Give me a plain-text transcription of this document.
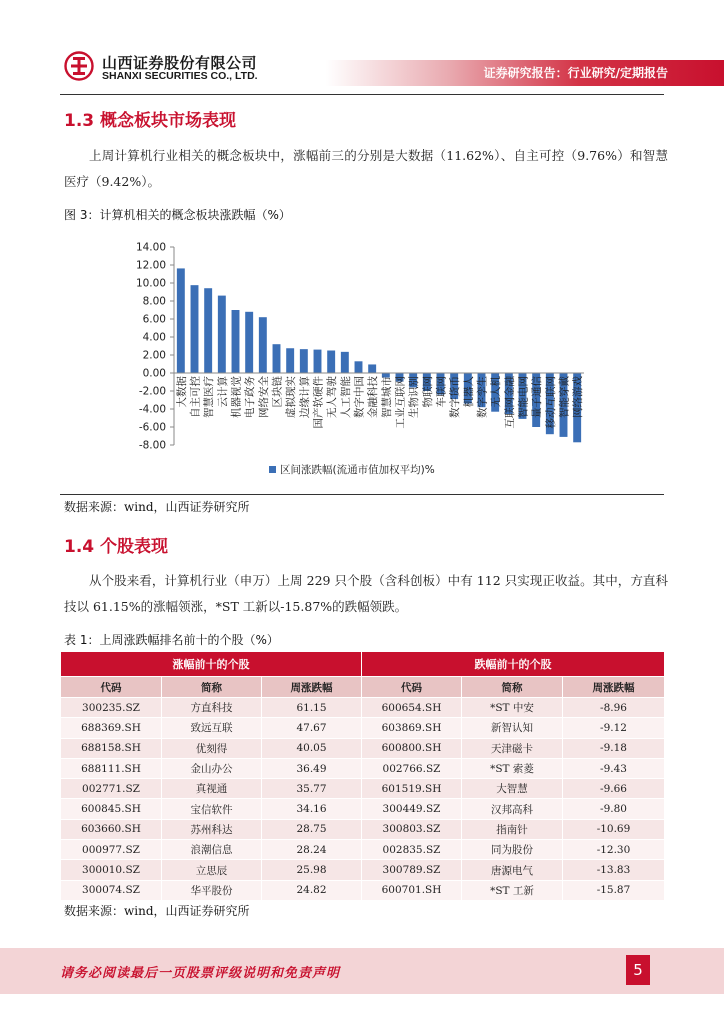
山西证券股份有限公司
SHANXI SECURITIES CO., LTD.	证券研究报告：行业研究/定期报告
1.3 概念板块市场表现

上周计算机行业相关的概念板块中，涨幅前三的分别是大数据（11.62%）、自主可控（9.76%）和智慧医疗（9.42%）。

图 3：计算机相关的概念板块涨跌幅（%）
14.00
12.00
10.00
8.00
6.00
4.00
2.00
0.00
-2.00
-4.00
-6.00
-8.00
大数据 自主可控 智慧医疗 云计算 机器视觉 电子政务 网络安全 区块链 虚拟现实 边缘计算 国产软硬件 无人驾驶 人工智能 数字中国 金融科技 智慧城市 工业互联网 生物识别 物联网 车联网 数字货币 机器人 数字孪生 无人机 互联网金融 智能电网 量子通信 移动互联网 智能穿戴 网络游戏
区间涨跌幅(流通市值加权平均)%
数据来源：wind，山西证券研究所
1.4 个股表现

从个股来看，计算机行业（申万）上周 229 只个股（含科创板）中有 112 只实现正收益。其中，方直科技以 61.15%的涨幅领涨，*ST 工新以-15.87%的跌幅领跌。

表 1：上周涨跌幅排名前十的个股（%）
涨幅前十的个股			跌幅前十的个股		
代码	简称	周涨跌幅	代码	简称	周涨跌幅
300235.SZ	方直科技	61.15	600654.SH	*ST 中安	-8.96
688369.SH	致远互联	47.67	603869.SH	新智认知	-9.12
688158.SH	优刻得	40.05	600800.SH	天津磁卡	-9.18
688111.SH	金山办公	36.49	002766.SZ	*ST 索菱	-9.43
002771.SZ	真视通	35.77	601519.SH	大智慧	-9.66
600845.SH	宝信软件	34.16	300449.SZ	汉邦高科	-9.80
603660.SH	苏州科达	28.75	300803.SZ	指南针	-10.69
000977.SZ	浪潮信息	28.24	002835.SZ	同为股份	-12.30
300010.SZ	立思辰	25.98	300789.SZ	唐源电气	-13.83
300074.SZ	华平股份	24.82	600701.SH	*ST 工新	-15.87
数据来源：wind，山西证券研究所
请务必阅读最后一页股票评级说明和免责声明	5
